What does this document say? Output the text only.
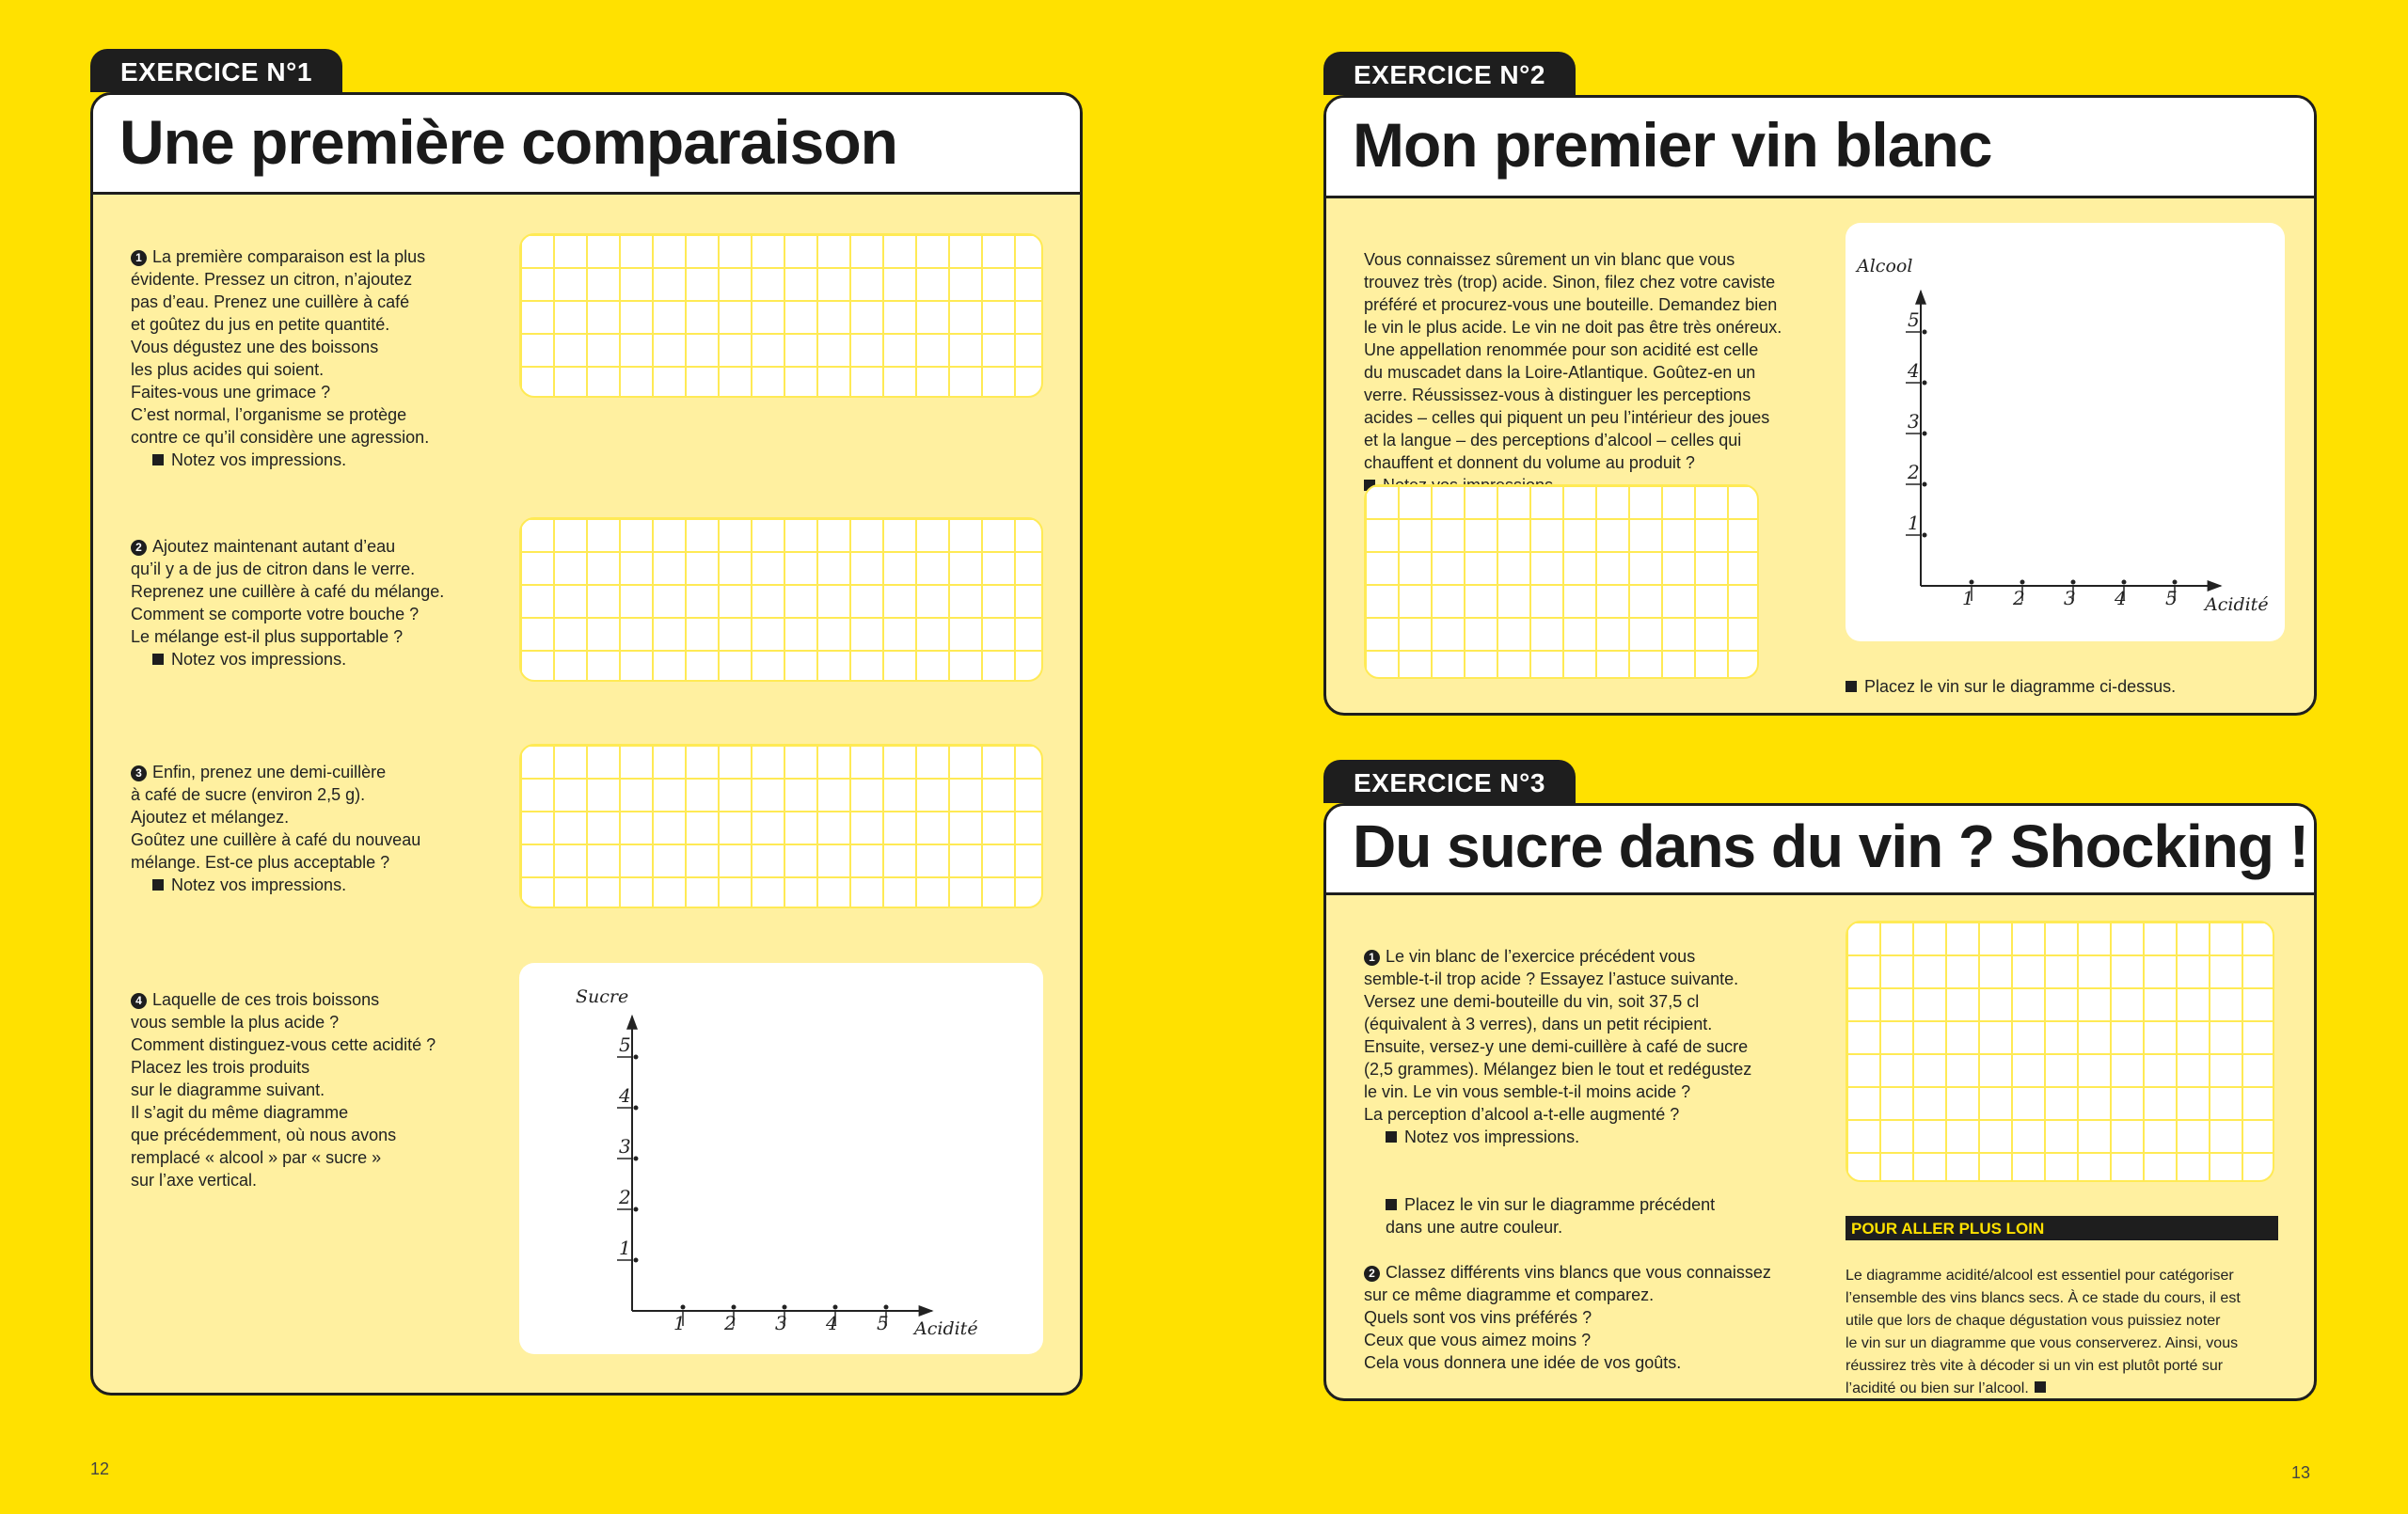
EXERCICE N°1
Une première comparaison

1 La première comparaison est la plus
évidente. Pressez un citron, n’ajoutez
pas d’eau. Prenez une cuillère à café
et goûtez du jus en petite quantité.
Vous dégustez une des boissons
les plus acides qui soient.
Faites-vous une grimace ?
C’est normal, l’organisme se protège
contre ce qu’il considère une agression.

Notez vos impressions.

2 Ajoutez maintenant autant d’eau
qu’il y a de jus de citron dans le verre.
Reprenez une cuillère à café du mélange.
Comment se comporte votre bouche ?
Le mélange est-il plus supportable ?

Notez vos impressions.

3 Enfin, prenez une demi-cuillère
à café de sucre (environ 2,5 g).
Ajoutez et mélangez.
Goûtez une cuillère à café du nouveau
mélange. Est-ce plus acceptable ?

Notez vos impressions.

4 Laquelle de ces trois boissons
vous semble la plus acide ?
Comment distinguez-vous cette acidité ?
Placez les trois produits
sur le diagramme suivant.
Il s’agit du même diagramme
que précédemment, où nous avons
remplacé « alcool » par « sucre »
sur l’axe vertical.

1
1
2
2
3
3
4
4
5
5
Sucre
Acidité
12
EXERCICE N°2
Mon premier vin blanc

Vous connaissez sûrement un vin blanc que vous
trouvez très (trop) acide. Sinon, filez chez votre caviste
préféré et procurez-vous une bouteille. Demandez bien
le vin le plus acide. Le vin ne doit pas être très onéreux.
Une appellation renommée pour son acidité est celle
du muscadet dans la Loire-Atlantique. Goûtez-en un
verre. Réussissez-vous à distinguer les perceptions
acides – celles qui piquent un peu l’intérieur des joues
et la langue – des perceptions d’alcool – celles qui
chauffent et donnent du volume au produit ?

1
1
2
2
3
3
4
4
5
5
Alcool
Acidité

Placez le vin sur le diagramme ci-dessus.

EXERCICE N°3
Du sucre dans du vin ? Shocking !

1 Le vin blanc de l’exercice précédent vous
semble-t-il trop acide ? Essayez l’astuce suivante.
Versez une demi-bouteille du vin, soit 37,5 cl
(équivalent à 3 verres), dans un petit récipient.
Ensuite, versez-y une demi-cuillère à café de sucre
(2,5 grammes). Mélangez bien le tout et redégustez
le vin. Le vin vous semble-t-il moins acide ?
La perception d’alcool a-t-elle augmenté ?

Notez vos impressions.

Placez le vin sur le diagramme précédent
dans une autre couleur.

2 Classez différents vins blancs que vous connaissez
sur ce même diagramme et comparez.
Quels sont vos vins préférés ?
Ceux que vous aimez moins ?
Cela vous donnera une idée de vos goûts.

POUR ALLER PLUS LOIN

Le diagramme acidité/alcool est essentiel pour catégoriser
l’ensemble des vins blancs secs. À ce stade du cours, il est
utile que lors de chaque dégustation vous puissiez noter
le vin sur un diagramme que vous conserverez. Ainsi, vous
réussirez très vite à décoder si un vin est plutôt porté sur
l’acidité ou bien sur l’alcool.

13
